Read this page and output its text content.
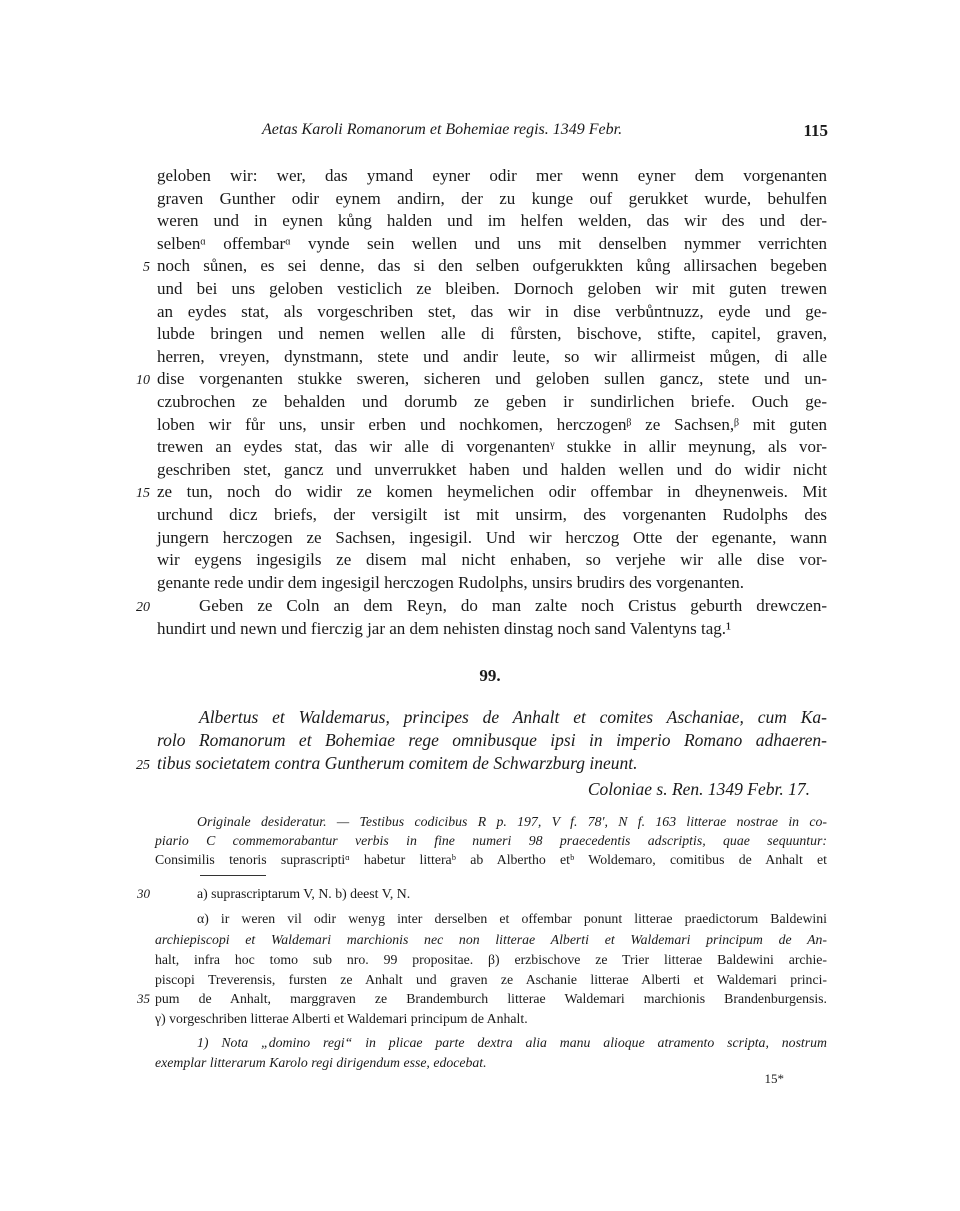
Aetas Karoli Romanorum et Bohemiae regis. 1349 Febr.	115
geloben wir: wer, das ymand eyner odir mer wenn eyner dem vorgenanten
graven Gunther odir eynem andirn, der zu kunge ouf gerukket wurde, behulfen
weren und in eynen kůng halden und im helfen welden, das wir des und der-
selbenᵅ offembarᵅ vynde sein wellen und uns mit denselben nymmer verrichten
noch sůnen, es sei denne, das si den selben oufgerukkten kůng allirsachen begeben
5
und bei uns geloben vesticlich ze bleiben. Dornoch geloben wir mit guten trewen
an eydes stat, als vorgeschriben stet, das wir in dise verbůntnuzz, eyde und ge-
lubde bringen und nemen wellen alle di fůrsten, bischove, stifte, capitel, graven,
herren, vreyen, dynstmann, stete und andir leute, so wir allirmeist můgen, di alle
dise vorgenanten stukke sweren, sicheren und geloben sullen gancz, stete und un-
10
czubrochen ze behalden und dorumb ze geben ir sundirlichen briefe. Ouch ge-
loben wir fůr uns, unsir erben und nochkomen, herczogenᵝ ze Sachsen,ᵝ mit guten
trewen an eydes stat, das wir alle di vorgenantenᵞ stukke in allir meynung, als vor-
geschriben stet, gancz und unverrukket haben und halden wellen und do widir nicht
ze tun, noch do widir ze komen heymelichen odir offembar in dheynenweis. Mit
15
urchund dicz briefs, der versigilt ist mit unsirm, des vorgenanten Rudolphs des
jungern herczogen ze Sachsen, ingesigil. Und wir herczog Otte der egenante, wann
wir eygens ingesigils ze disem mal nicht enhaben, so verjehe wir alle dise vor-
genante rede undir dem ingesigil herczogen Rudolphs, unsirs brudirs des vorgenanten.
Geben ze Coln an dem Reyn, do man zalte noch Cristus geburth drewczen-
20
hundirt und newn und fierczig jar an dem nehisten dinstag noch sand Valentyns tag.¹
99.
Albertus et Waldemarus, principes de Anhalt et comites Aschaniae, cum Ka-
rolo Romanorum et Bohemiae rege omnibusque ipsi in imperio Romano adhaeren-
tibus societatem contra Guntherum comitem de Schwarzburg ineunt.
25
Coloniae s. Ren. 1349 Febr. 17.
Originale desideratur. — Testibus codicibus R p. 197, V f. 78', N f. 163 litterae nostrae in co-
piario C commemorabantur verbis in fine numeri 98 praecedentis adscriptis, quae sequuntur:
Consimilis tenoris suprascriptiᵅ habetur litteraᵇ ab Albertho etᵇ Woldemaro, comitibus de Anhalt et
30	a) suprascriptarum V, N. b) deest V, N.
α) ir weren vil odir wenyg inter derselben et offembar ponunt litterae praedictorum Baldewini
archiepiscopi et Waldemari marchionis nec non litterae Alberti et Waldemari principum de An-
halt, infra hoc tomo sub nro. 99 propositae. β) erzbischove ze Trier litterae Baldewini archie-
piscopi Treverensis, fursten ze Anhalt und graven ze Aschanie litterae Alberti et Waldemari princi-
pum de Anhalt, marggraven ze Brandemburch litterae Waldemari marchionis Brandenburgensis.
35
γ) vorgeschriben litterae Alberti et Waldemari principum de Anhalt.
1) Nota „domino regi“ in plicae parte dextra alia manu alioque atramento scripta, nostrum
exemplar litterarum Karolo regi dirigendum esse, edocebat.
15*
